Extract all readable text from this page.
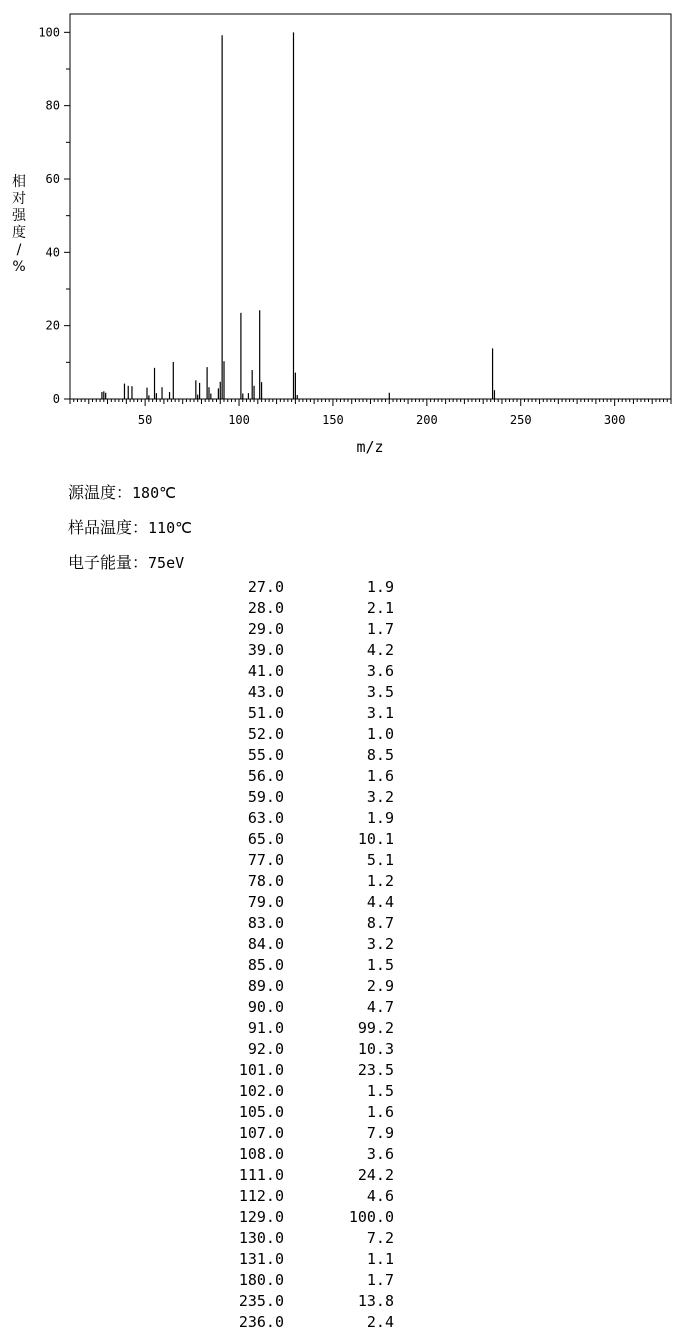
0
20
40
60
80
100
50	100	150	200	250	300
m/z
相
对
强
度
/
%
源温度：180℃
样品温度：110℃
电子能量：75eV
27.0	1.9
28.0	2.1
29.0	1.7
39.0	4.2
41.0	3.6
43.0	3.5
51.0	3.1
52.0	1.0
55.0	8.5
56.0	1.6
59.0	3.2
63.0	1.9
65.0	10.1
77.0	5.1
78.0	1.2
79.0	4.4
83.0	8.7
84.0	3.2
85.0	1.5
89.0	2.9
90.0	4.7
91.0	99.2
92.0	10.3
101.0	23.5
102.0	1.5
105.0	1.6
107.0	7.9
108.0	3.6
111.0	24.2
112.0	4.6
129.0	100.0
130.0	7.2
131.0	1.1
180.0	1.7
235.0	13.8
236.0	2.4
